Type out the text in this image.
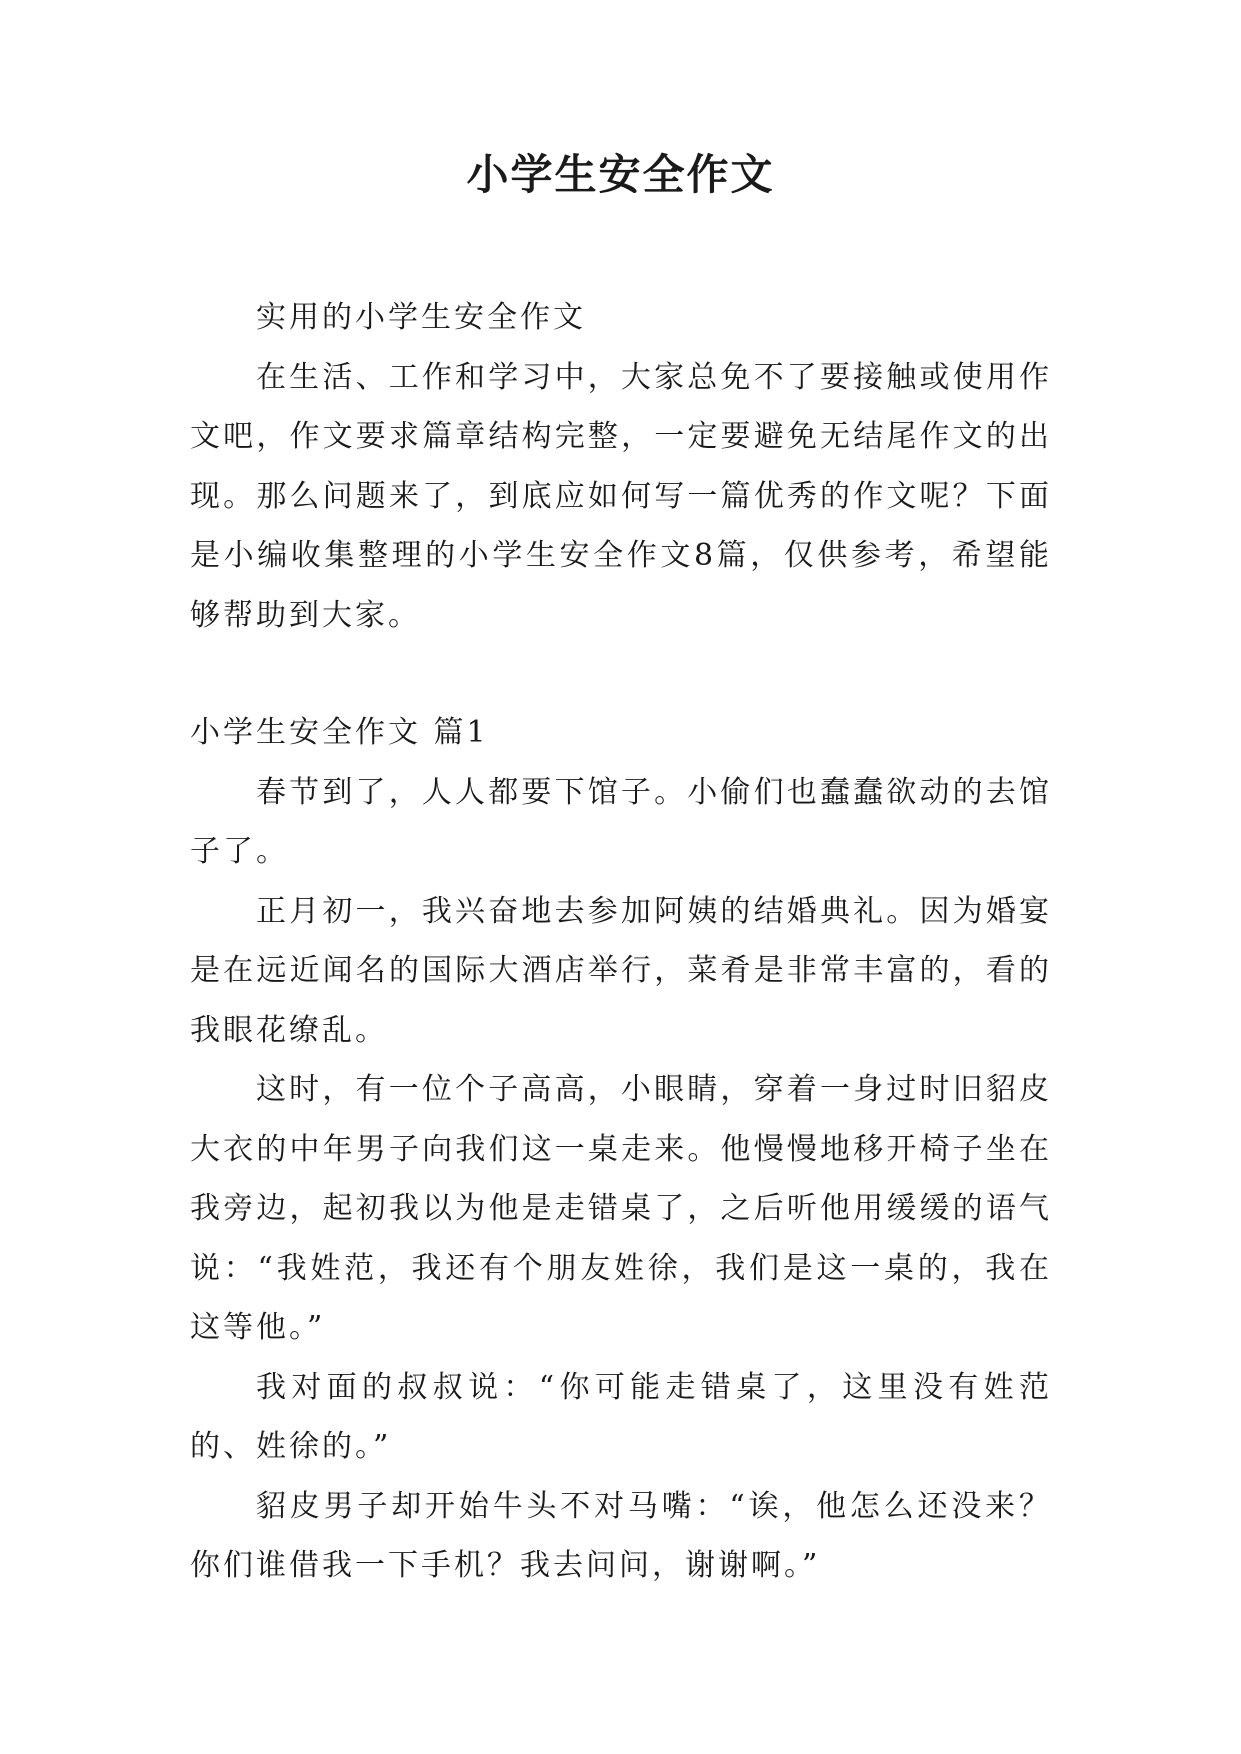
小学生安全作文

实用的小学生安全作文

在生活、工作和学习中，大家总免不了要接触或使用作文吧，作文要求篇章结构完整，一定要避免无结尾作文的出现。那么问题来了，到底应如何写一篇优秀的作文呢？下面是小编收集整理的小学生安全作文8篇，仅供参考，希望能够帮助到大家。

小学生安全作文 篇1

春节到了，人人都要下馆子。小偷们也蠢蠢欲动的去馆子了。

正月初一，我兴奋地去参加阿姨的结婚典礼。因为婚宴是在远近闻名的国际大酒店举行，菜肴是非常丰富的，看的我眼花缭乱。

这时，有一位个子高高，小眼睛，穿着一身过时旧貂皮大衣的中年男子向我们这一桌走来。他慢慢地移开椅子坐在我旁边，起初我以为他是走错桌了，之后听他用缓缓的语气说：“我姓范，我还有个朋友姓徐，我们是这一桌的，我在这等他。”

我对面的叔叔说：“你可能走错桌了，这里没有姓范的、姓徐的。”

貂皮男子却开始牛头不对马嘴：“诶，他怎么还没来？你们谁借我一下手机？我去问问，谢谢啊。”
